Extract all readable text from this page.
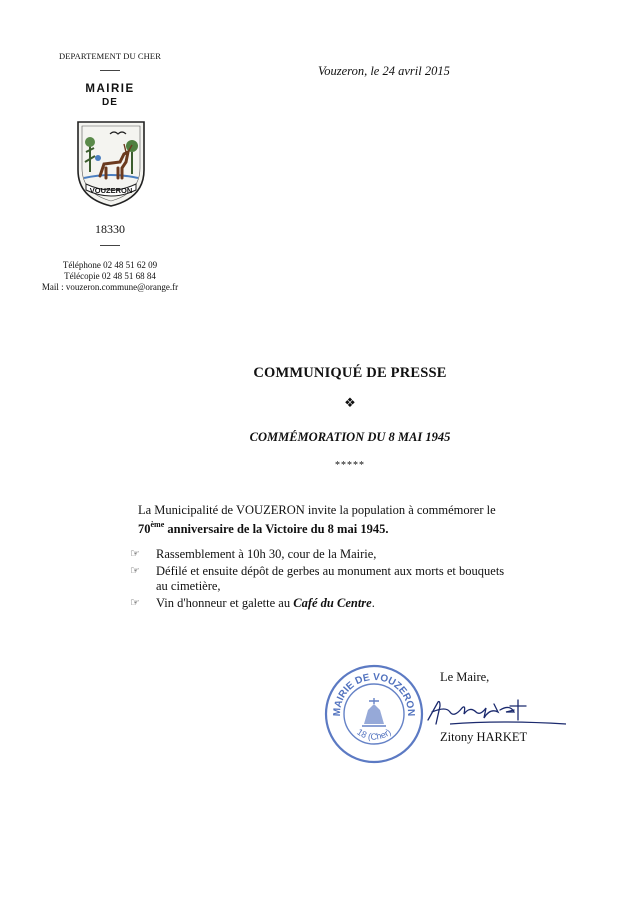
DEPARTEMENT DU CHER
MAIRIE
DE
VOUZERON
18330
Téléphone 02 48 51 62 09
Télécopie 02 48 51 68 84
Mail : vouzeron.commune@orange.fr
Vouzeron, le 24 avril 2015
COMMUNIQUÉ DE PRESSE
❖
COMMÉMORATION DU 8 MAI 1945
*****
La Municipalité de VOUZERON invite la population à commémorer le
70ème anniversaire de la Victoire du 8 mai 1945.
☞ Rassemblement à 10h 30, cour de la Mairie,
☞ Défilé et ensuite dépôt de gerbes au monument aux morts et bouquets au cimetière,
☞ Vin d'honneur et galette au Café du Centre.
MAIRIE DE VOUZERON
18 (Cher)
Le Maire,
Zitony HARKET
